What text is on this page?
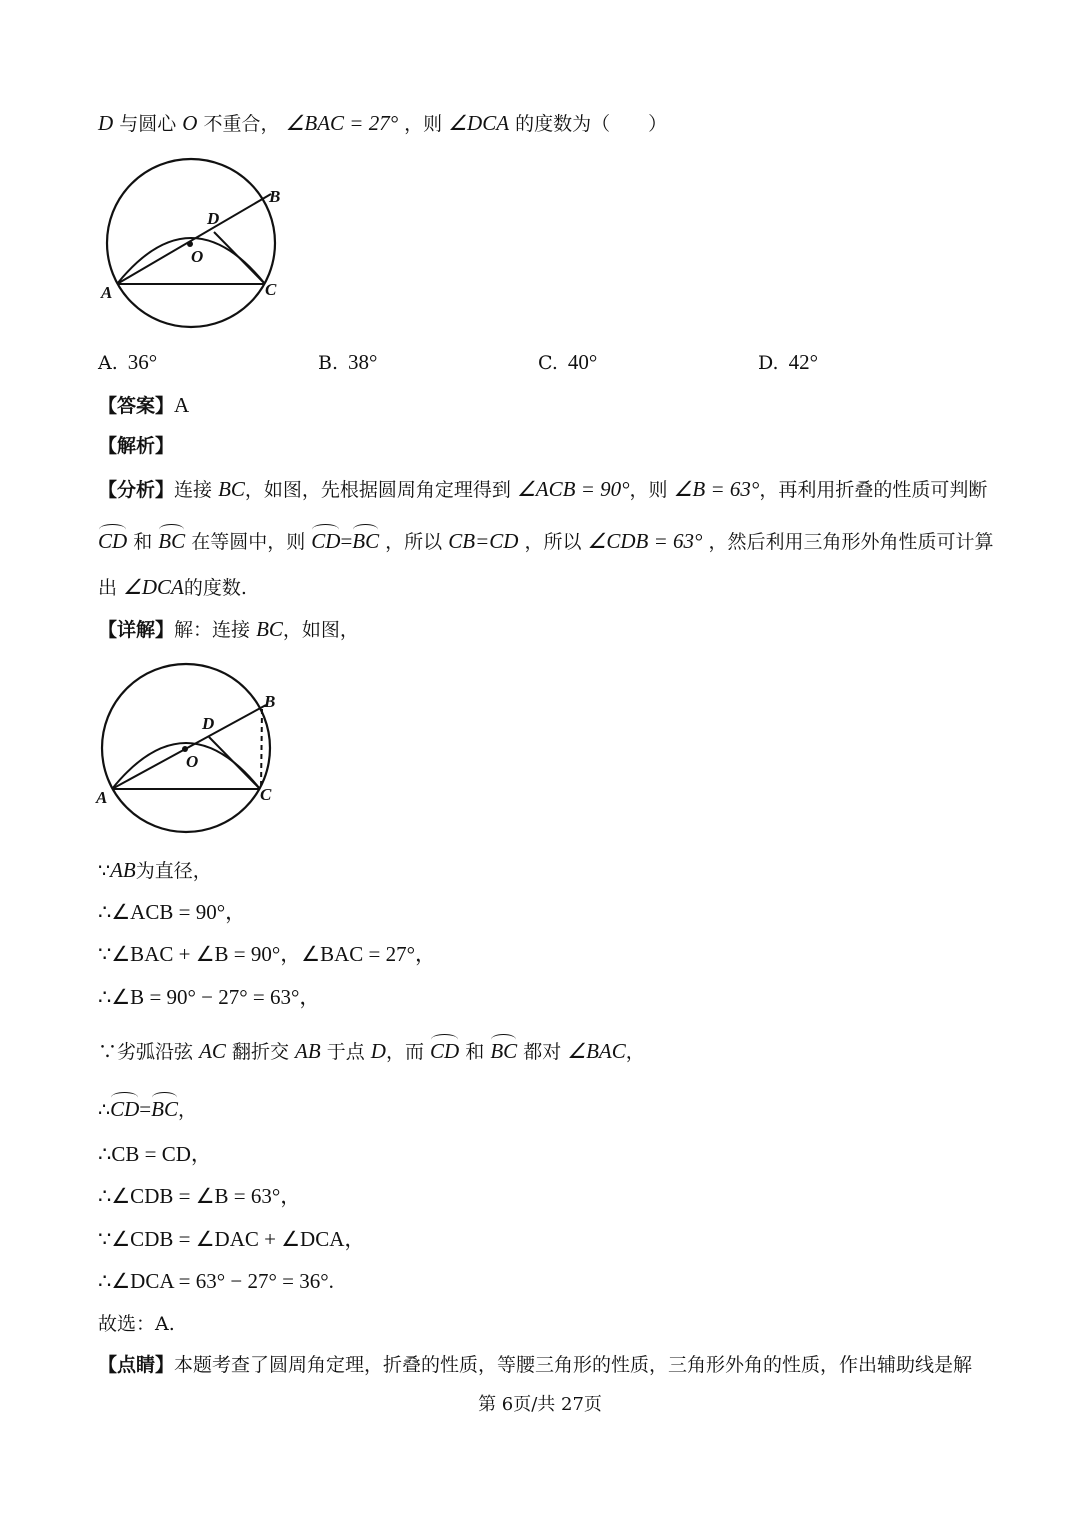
D 与圆心 O 不重合， ∠BAC = 27° ，则 ∠DCA 的度数为（　　）
A
B
C
D
O
A. 36°	B. 38°	C. 40°	D. 42°
【答案】A
【解析】
【分析】连接 BC，如图，先根据圆周角定理得到 ∠ACB = 90°，则 ∠B = 63°，再利用折叠的性质可判断
CD 和 BC 在等圆中，则 CD=BC ，所以 CB=CD ，所以 ∠CDB = 63° ，然后利用三角形外角性质可计算
出 ∠DCA的度数.
【详解】解：连接 BC，如图，
A
B
C
D
O
∵AB为直径，
∴∠ACB = 90°，
∵∠BAC + ∠B = 90°，∠BAC = 27°，
∴∠B = 90° − 27° = 63°，
∵劣弧沿弦 AC 翻折交 AB 于点 D，而 CD 和 BC 都对 ∠BAC，
∴CD=BC，
∴CB = CD，
∴∠CDB = ∠B = 63°，
∵∠CDB = ∠DAC + ∠DCA，
∴∠DCA = 63° − 27° = 36°.
故选：A.
【点睛】本题考查了圆周角定理，折叠的性质，等腰三角形的性质，三角形外角的性质，作出辅助线是解
第 6页/共 27页
